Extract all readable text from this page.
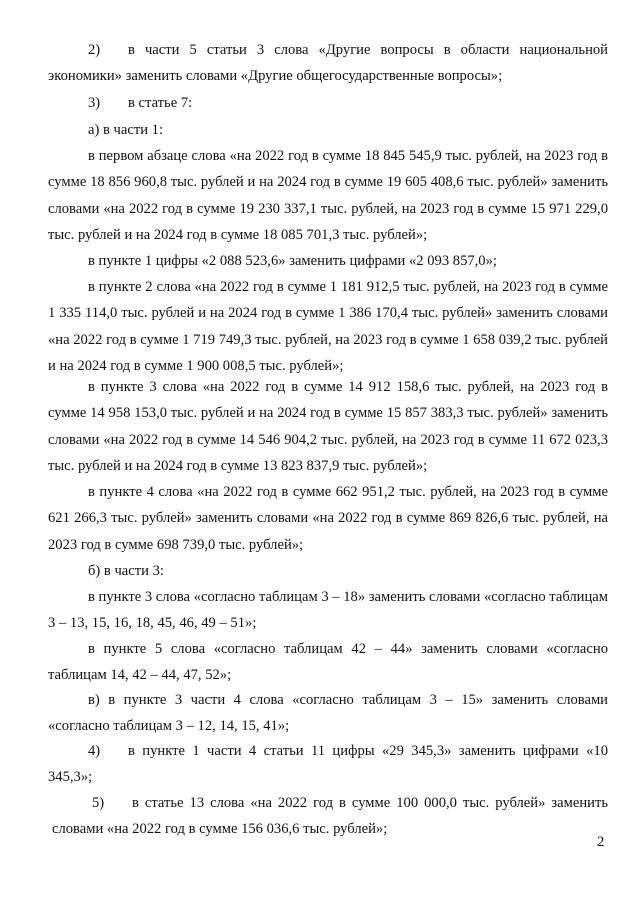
2) в части 5 статьи 3 слова «Другие вопросы в области национальной экономики» заменить словами «Другие общегосударственные вопросы»;

3) в статье 7:

а) в части 1:

в первом абзаце слова «на 2022 год в сумме 18 845 545,9 тыс. рублей, на 2023 год в сумме 18 856 960,8 тыс. рублей и на 2024 год в сумме 19 605 408,6 тыс. рублей» заменить словами «на 2022 год в сумме 19 230 337,1 тыс. рублей, на 2023 год в сумме 15 971 229,0 тыс. рублей и на 2024 год в сумме 18 085 701,3 тыс. рублей»;

в пункте 1 цифры «2 088 523,6» заменить цифрами «2 093 857,0»;

в пункте 2 слова «на 2022 год в сумме 1 181 912,5 тыс. рублей, на 2023 год в сумме 1 335 114,0 тыс. рублей и на 2024 год в сумме 1 386 170,4 тыс. рублей» заменить словами «на 2022 год в сумме 1 719 749,3 тыс. рублей, на 2023 год в сумме 1 658 039,2 тыс. рублей и на 2024 год в сумме 1 900 008,5 тыс. рублей»;

в пункте 3 слова «на 2022 год в сумме 14 912 158,6 тыс. рублей, на 2023 год в сумме 14 958 153,0 тыс. рублей и на 2024 год в сумме 15 857 383,3 тыс. рублей» заменить словами «на 2022 год в сумме 14 546 904,2 тыс. рублей, на 2023 год в сумме 11 672 023,3 тыс. рублей и на 2024 год в сумме 13 823 837,9 тыс. рублей»;

в пункте 4 слова «на 2022 год в сумме 662 951,2 тыс. рублей, на 2023 год в сумме 621 266,3 тыс. рублей» заменить словами «на 2022 год в сумме 869 826,6 тыс. рублей, на 2023 год в сумме 698 739,0 тыс. рублей»;

б) в части 3:

в пункте 3 слова «согласно таблицам 3 – 18» заменить словами «согласно таблицам 3 – 13, 15, 16, 18, 45, 46, 49 – 51»;

в пункте 5 слова «согласно таблицам 42 – 44» заменить словами «согласно таблицам 14, 42 – 44, 47, 52»;

в) в пункте 3 части 4 слова «согласно таблицам 3 – 15» заменить словами «согласно таблицам 3 – 12, 14, 15, 41»;

4) в пункте 1 части 4 статьи 11 цифры «29 345,3» заменить цифрами «10 345,3»;

5) в статье 13 слова «на 2022 год в сумме 100 000,0 тыс. рублей» заменить словами «на 2022 год в сумме 156 036,6 тыс. рублей»;

2
